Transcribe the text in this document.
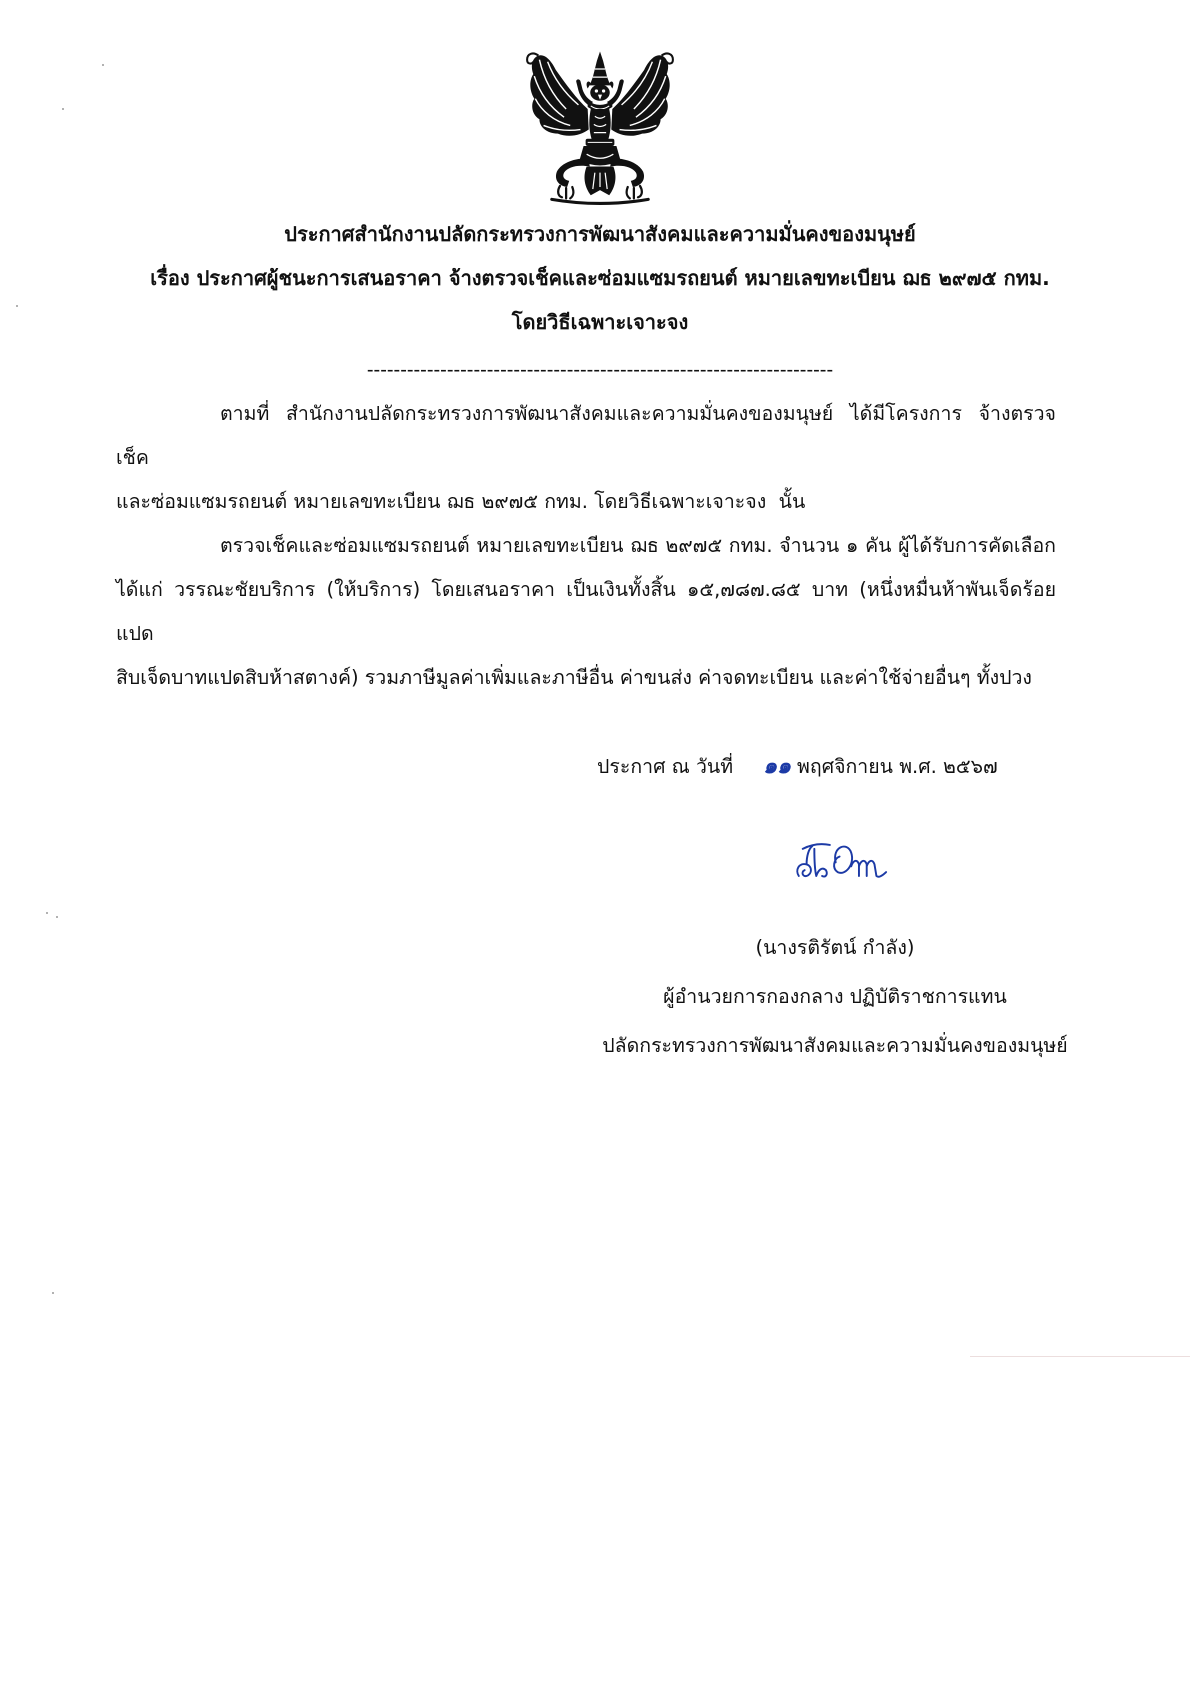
ประกาศสำนักงานปลัดกระทรวงการพัฒนาสังคมและความมั่นคงของมนุษย์
เรื่อง ประกาศผู้ชนะการเสนอราคา จ้างตรวจเช็คและซ่อมแซมรถยนต์ หมายเลขทะเบียน ฌธ ๒๙๗๕ กทม.
โดยวิธีเฉพาะเจาะจง
----------------------------------------------------------------------
ตามที่ สำนักงานปลัดกระทรวงการพัฒนาสังคมและความมั่นคงของมนุษย์ ได้มีโครงการ จ้างตรวจเช็ค
และซ่อมแซมรถยนต์ หมายเลขทะเบียน ฌธ ๒๙๗๕ กทม. โดยวิธีเฉพาะเจาะจง  นั้น
ตรวจเช็คและซ่อมแซมรถยนต์ หมายเลขทะเบียน ฌธ ๒๙๗๕ กทม. จำนวน ๑ คัน ผู้ได้รับการคัดเลือก
ได้แก่ วรรณะชัยบริการ (ให้บริการ) โดยเสนอราคา เป็นเงินทั้งสิ้น ๑๕,๗๘๗.๘๕ บาท (หนึ่งหมื่นห้าพันเจ็ดร้อยแปด
สิบเจ็ดบาทแปดสิบห้าสตางค์) รวมภาษีมูลค่าเพิ่มและภาษีอื่น ค่าขนส่ง ค่าจดทะเบียน และค่าใช้จ่ายอื่นๆ ทั้งปวง
ประกาศ ณ วันที่ ๑๑ พฤศจิกายน พ.ศ. ๒๕๖๗
(นางรติรัตน์ กำลัง)
ผู้อำนวยการกองกลาง ปฏิบัติราชการแทน
ปลัดกระทรวงการพัฒนาสังคมและความมั่นคงของมนุษย์
